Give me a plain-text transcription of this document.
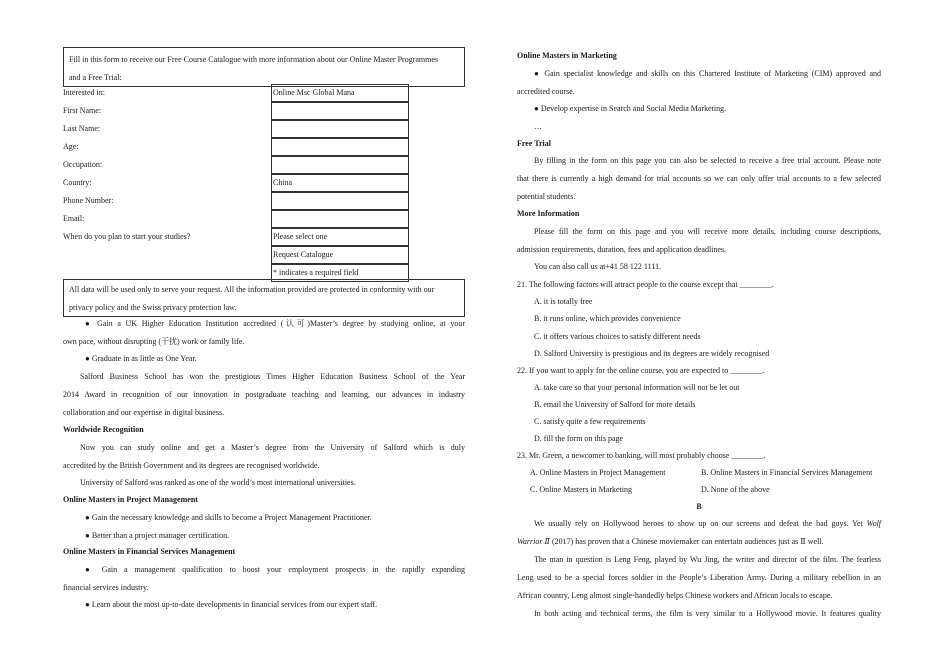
Fill in this form to receive our Free Course Catalogue with more information about our Online Master Programmes
and a Free Trial:
Interested in:	Online Msc Global Mana
First Name:
Last Name:
Age:
Occupation:
Country:	China
Phone Number:
Email:
When do you plan to start your studies?	Please select one
Request Catalogue
* indicates a required field
All data will be used only to serve your request. All the information provided are protected in conformity with our
privacy policy and the Swiss privacy protection law.
● Gain a UK Higher Education Institution accredited (认可)Master’s degree by studying online, at your
own pace, without disrupting (干扰) work or family life.
● Graduate in as little as One Year.
Salford Business School has won the prestigious Times Higher Education Business School of the Year
2014 Award in recognition of our innovation in postgraduate teaching and learning, our advances in industry
collaboration and our expertise in digital business.
Worldwide Recognition
Now you can study online and get a Master’s degree from the University of Salford which is duly
accredited by the British Government and its degrees are recognised worldwide.
University of Salford was ranked as one of the world’s most international universities.
Online Masters in Project Management
● Gain the necessary knowledge and skills to become a Project Management Practitioner.
● Better than a project manager certification.
Online Masters in Financial Services Management
● Gain a management qualification to boost your employment prospects in the rapidly expanding
financial services industry.
● Learn about the most up-to-date developments in financial services from our expert staff.
Online Masters in Marketing
● Gain specialist knowledge and skills on this Chartered Institute of Marketing (CIM) approved and
accredited course.
● Develop expertise in Search and Social Media Marketing.
…
Free Trial
By filling in the form on this page you can also be selected to receive a free trial account. Please note
that there is currently a high demand for trial accounts so we can only offer trial accounts to a few selected
potential students.
More Information
Please fill the form on this page and you will receive more details, including course descriptions,
admission requirements, duration, fees and application deadlines.
You can also call us at+41 58 122 1111.
21. The following factors will attract people to the course except that ________.
A. it is totally free
B. it runs online, which provides convenience
C. it offers various choices to satisfy different needs
D. Salford University is prestigious and its degrees are widely recognised
22. If you want to apply for the online course, you are expected to ________.
A. take care so that your personal information will not be let out
B. email the University of Salford for more details
C. satisfy quite a few requirements
D. fill the form on this page
23. Mr. Green, a newcomer to banking, will most probably choose ________.
A. Online Masters in Project Management	B. Online Masters in Financial Services Management
C. Online Masters in Marketing	D. None of the above
B
We usually rely on Hollywood heroes to show up on our screens and defeat the bad guys. Yet Wolf
Warrior Ⅱ (2017) has proven that a Chinese moviemaker can entertain audiences just as Ⅱ well.
The man in question is Leng Feng, played by Wu Jing, the writer and director of the film. The fearless
Leng used to be a special forces soldier in the People’s Liberation Army. During a military rebellion in an
African country, Leng almost single-handedly helps Chinese workers and African locals to escape.
In both acting and technical terms, the film is very similar to a Hollywood movie. It features quality
